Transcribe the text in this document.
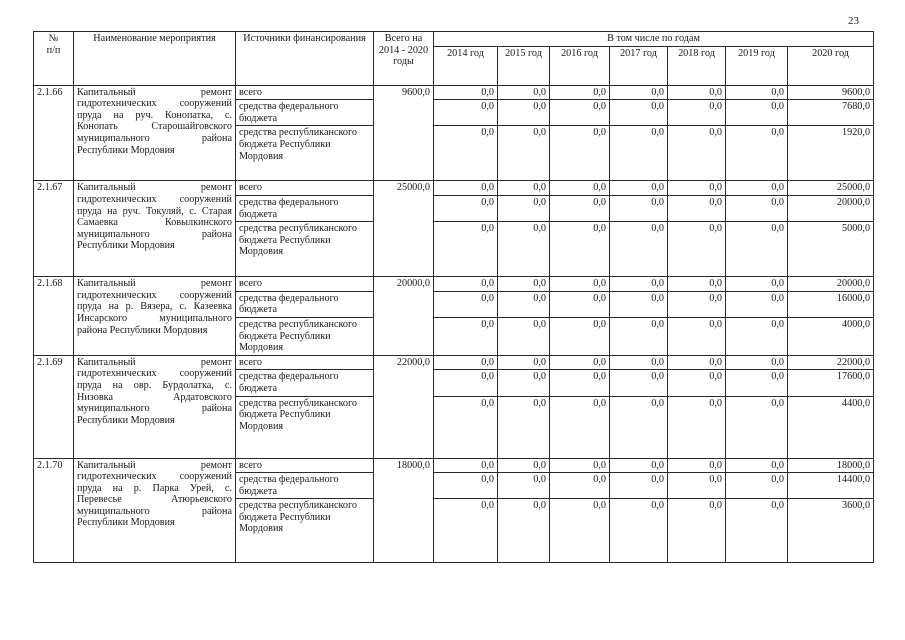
23
№
п/п	Наименование мероприятия	Источники финансирования	Всего на 2014 - 2020 годы	В том числе по годам						
				2014 год	2015 год	2016 год	2017 год	2018 год	2019 год	2020 год
2.1.66	Капитальный ремонт гидротехнических сооружений пруда на руч. Конопатка, с. Конопать Старошайговского муниципального района Республики Мордовия	всего	9600,0	0,0	0,0	0,0	0,0	0,0	0,0	9600,0
		средства федерального бюджета		0,0	0,0	0,0	0,0	0,0	0,0	7680,0
		средства республиканского бюджета Республики Мордовия		0,0	0,0	0,0	0,0	0,0	0,0	1920,0
2.1.67	Капитальный ремонт гидротехнических сооружений пруда на руч. Токуляй, с. Старая Самаевка Ковылкинского муниципального района Республики Мордовия	всего	25000,0	0,0	0,0	0,0	0,0	0,0	0,0	25000,0
		средства федерального бюджета		0,0	0,0	0,0	0,0	0,0	0,0	20000,0
		средства республиканского бюджета Республики Мордовия		0,0	0,0	0,0	0,0	0,0	0,0	5000,0
2.1.68	Капитальный ремонт гидротехнических сооружений пруда на р. Вязера, с. Казеевка Инсарского муниципального района Республики Мордовия	всего	20000,0	0,0	0,0	0,0	0,0	0,0	0,0	20000,0
		средства федерального бюджета		0,0	0,0	0,0	0,0	0,0	0,0	16000,0
		средства республиканского бюджета Республики Мордовия		0,0	0,0	0,0	0,0	0,0	0,0	4000,0
2.1.69	Капитальный ремонт гидротехнических сооружений пруда на овр. Бурдолатка, с. Низовка Ардатовского муниципального района Республики Мордовия	всего	22000,0	0,0	0,0	0,0	0,0	0,0	0,0	22000,0
		средства федерального бюджета		0,0	0,0	0,0	0,0	0,0	0,0	17600,0
		средства республиканского бюджета Республики Мордовия		0,0	0,0	0,0	0,0	0,0	0,0	4400,0
2.1.70	Капитальный ремонт гидротехнических сооружений пруда на р. Парка Урей, с. Перевесье Атюрьевского муниципального района Республики Мордовия	всего	18000,0	0,0	0,0	0,0	0,0	0,0	0,0	18000,0
		средства федерального бюджета		0,0	0,0	0,0	0,0	0,0	0,0	14400,0
		средства республиканского бюджета Республики Мордовия		0,0	0,0	0,0	0,0	0,0	0,0	3600,0
